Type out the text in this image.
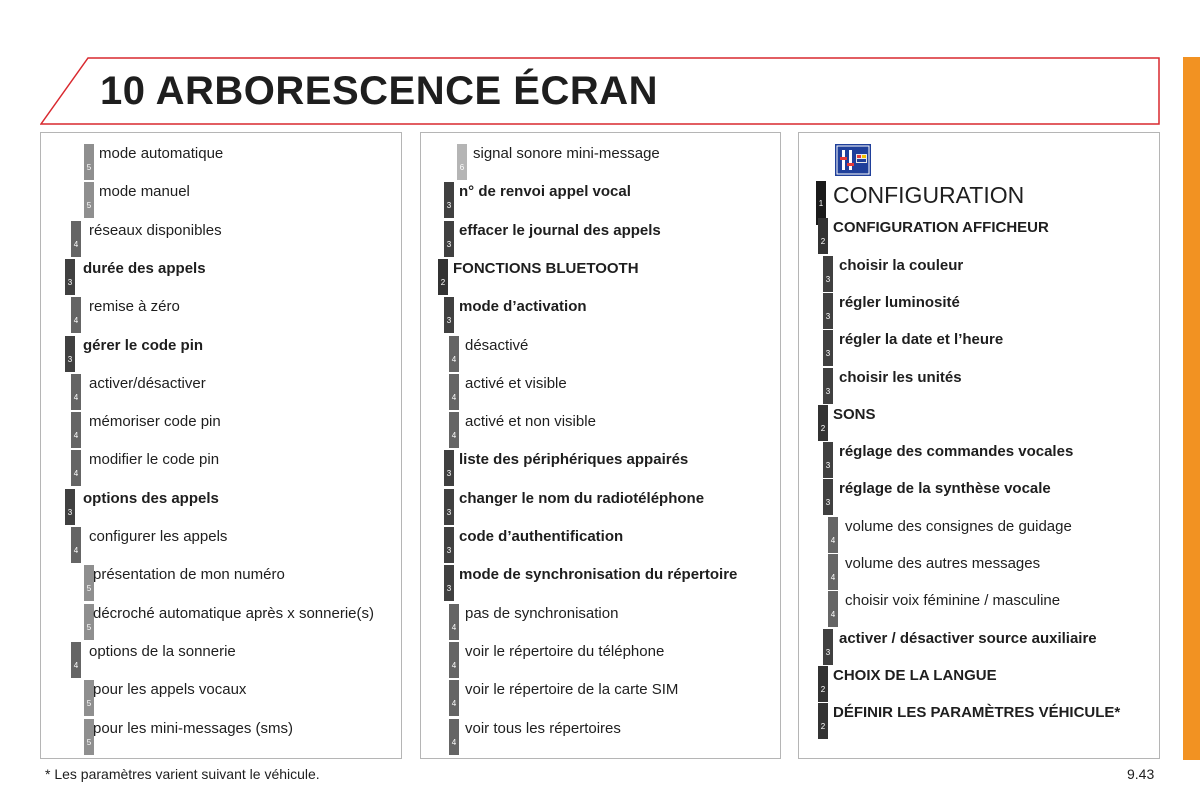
10 ARBORESCENCE ÉCRAN
5
mode automatique
5
mode manuel
4
réseaux disponibles
3
durée des appels
4
remise à zéro
3
gérer le code pin
4
activer/désactiver
4
mémoriser code pin
4
modifier le code pin
3
options des appels
4
configurer les appels
5
présentation de mon numéro
5
décroché automatique après x sonnerie(s)
4
options de la sonnerie
5
pour les appels vocaux
5
pour les mini-messages (sms)
6
signal sonore mini-message
3
n° de renvoi appel vocal
3
effacer le journal des appels
2
FONCTIONS BLUETOOTH
3
mode d’activation
4
désactivé
4
activé et visible
4
activé et non visible
3
liste des périphériques appairés
3
changer le nom du radiotéléphone
3
code d’authentification
3
mode de synchronisation du répertoire
4
pas de synchronisation
4
voir le répertoire du téléphone
4
voir le répertoire de la carte SIM
4
voir tous les répertoires
1 CONFIGURATION
2
CONFIGURATION AFFICHEUR
3
choisir la couleur
3
régler luminosité
3
régler la date et l’heure
3
choisir les unités
2
SONS
3
réglage des commandes vocales
3
réglage de la synthèse vocale
4
volume des consignes de guidage
4
volume des autres messages
4
choisir voix féminine / masculine
3
activer / désactiver source auxiliaire
2
CHOIX DE LA LANGUE
2
DÉFINIR LES PARAMÈTRES VÉHICULE*
* Les paramètres varient suivant le véhicule.	9.43
